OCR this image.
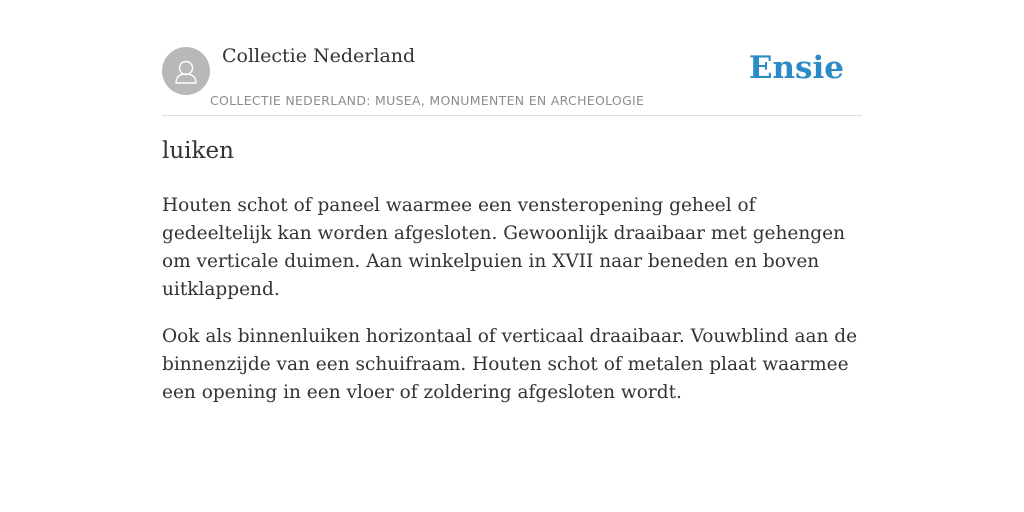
Collectie Nederland
COLLECTIE NEDERLAND: MUSEA, MONUMENTEN EN ARCHEOLOGIE
Ensie
luiken

Houten schot of paneel waarmee een vensteropening geheel of gedeeltelijk kan worden afgesloten. Gewoonlijk draaibaar met gehengen om verticale duimen. Aan winkelpuien in XVII naar beneden en boven uitklappend.

Ook als binnenluiken horizontaal of verticaal draaibaar. Vouwblind aan de binnenzijde van een schuifraam. Houten schot of metalen plaat waarmee een opening in een vloer of zoldering afgesloten wordt.
